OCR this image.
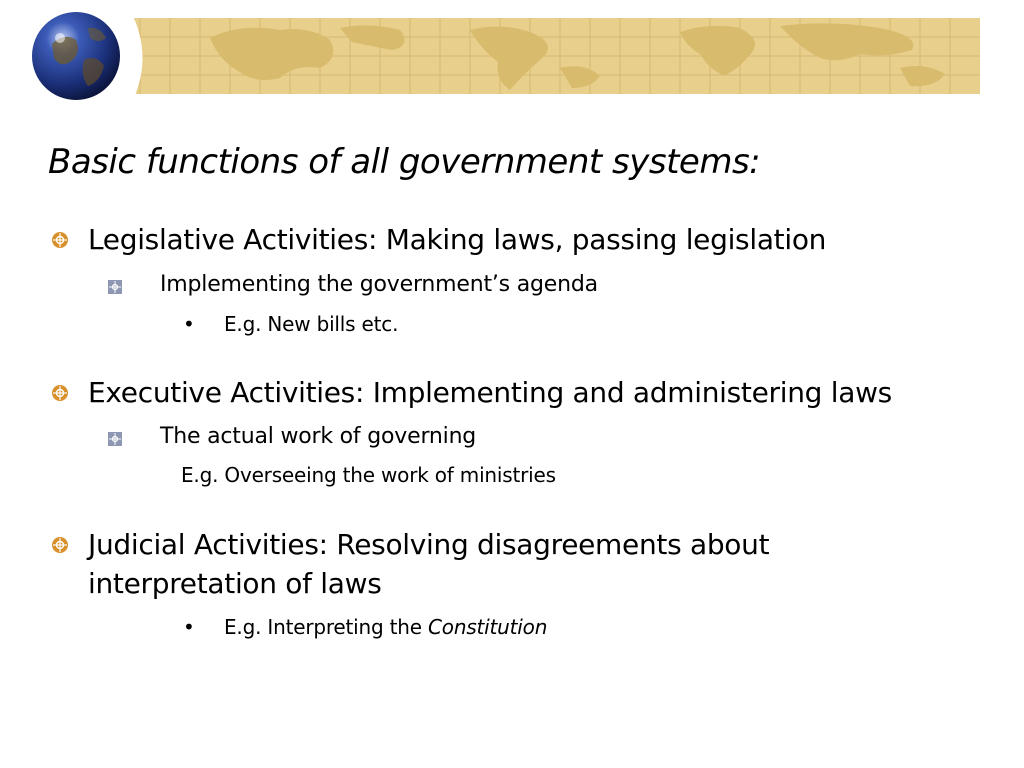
Basic functions of all government systems:
Legislative Activities: Making laws, passing legislation
Implementing the government’s agenda
• E.g. New bills etc.
Executive Activities: Implementing and administering laws
The actual work of governing
E.g. Overseeing the work of ministries
Judicial Activities: Resolving disagreements about
interpretation of laws
• E.g. Interpreting the Constitution
